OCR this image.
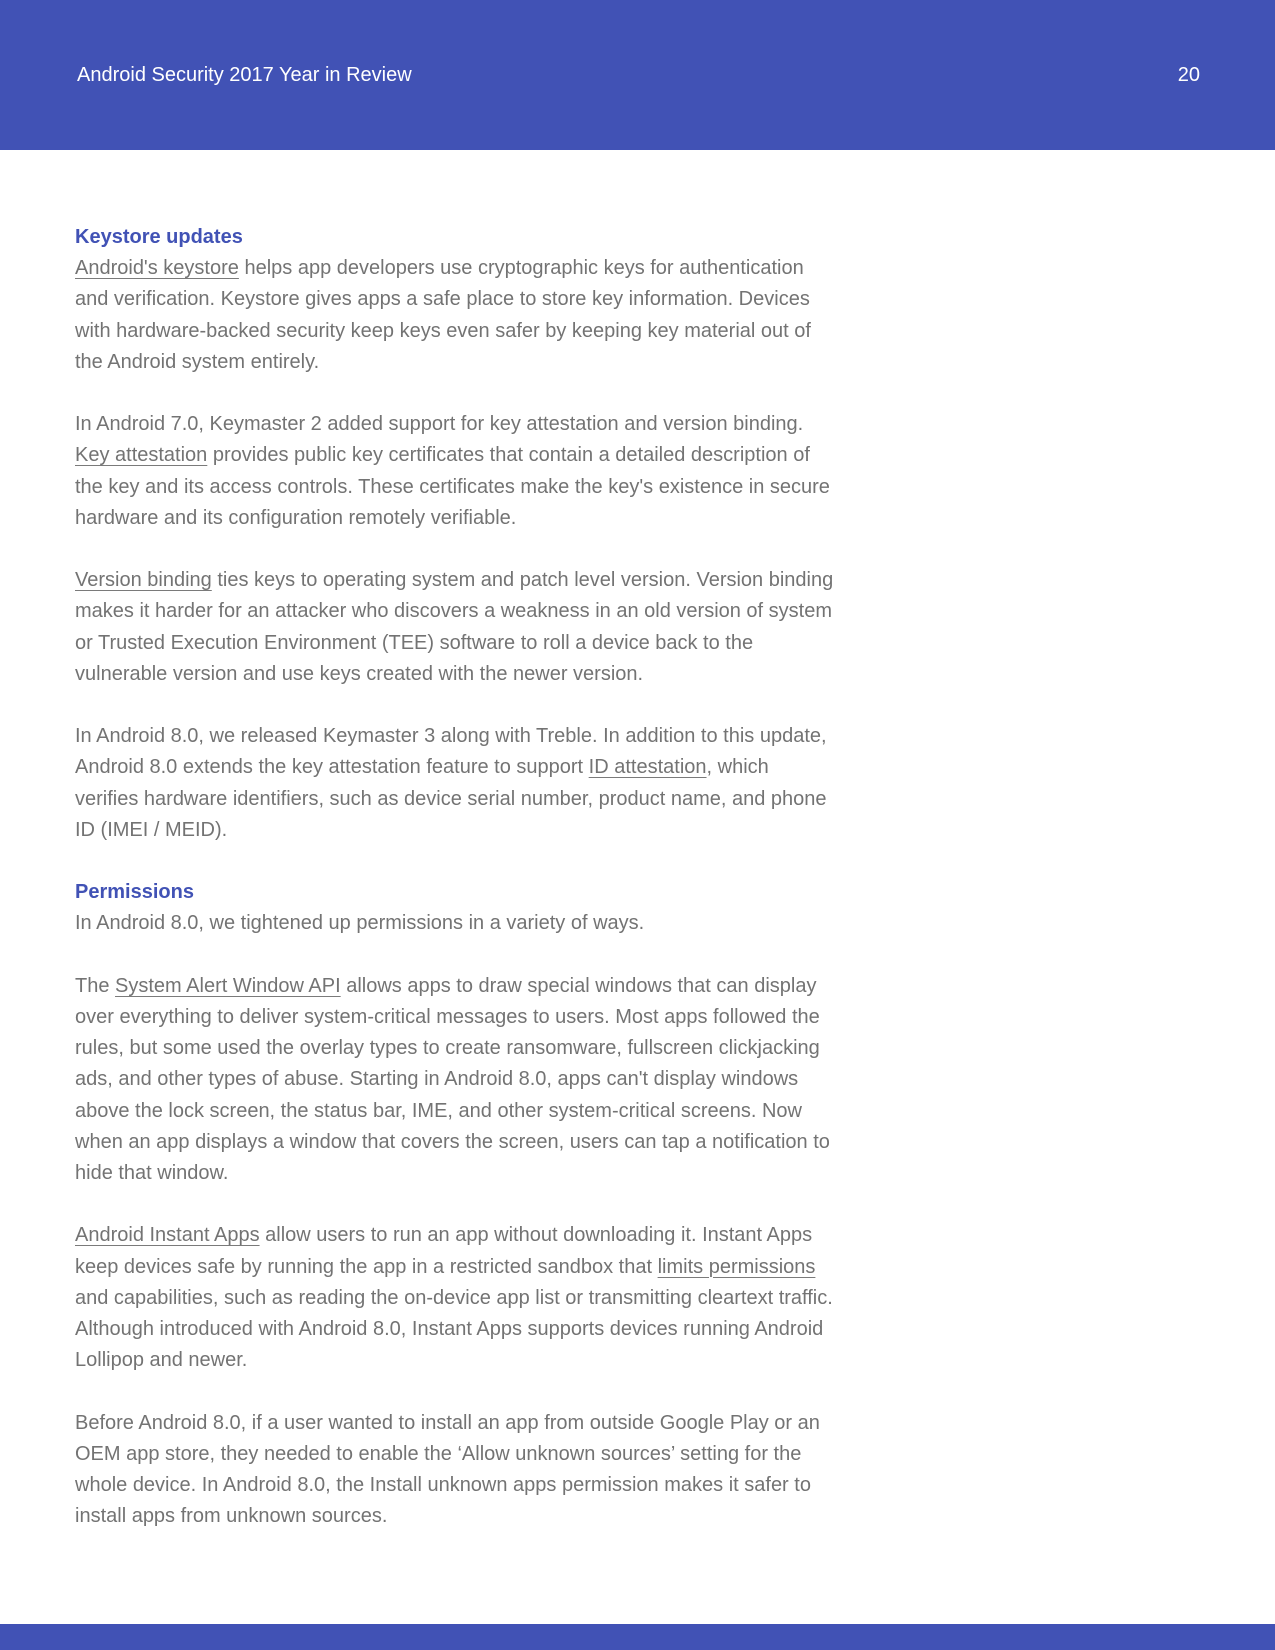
Android Security 2017 Year in Review	20
Keystore updates

Android's keystore helps app developers use cryptographic keys for authentication and verification. Keystore gives apps a safe place to store key information. Devices with hardware-backed security keep keys even safer by keeping key material out of the Android system entirely.

In Android 7.0, Keymaster 2 added support for key attestation and version binding. Key attestation provides public key certificates that contain a detailed description of the key and its access controls. These certificates make the key's existence in secure hardware and its configuration remotely verifiable.

Version binding ties keys to operating system and patch level version. Version binding makes it harder for an attacker who discovers a weakness in an old version of system or Trusted Execution Environment (TEE) software to roll a device back to the vulnerable version and use keys created with the newer version.

In Android 8.0, we released Keymaster 3 along with Treble. In addition to this update, Android 8.0 extends the key attestation feature to support ID attestation, which verifies hardware identifiers, such as device serial number, product name, and phone ID (IMEI / MEID).

Permissions

In Android 8.0, we tightened up permissions in a variety of ways.

The System Alert Window API allows apps to draw special windows that can display over everything to deliver system-critical messages to users. Most apps followed the rules, but some used the overlay types to create ransomware, fullscreen clickjacking ads, and other types of abuse. Starting in Android 8.0, apps can't display windows above the lock screen, the status bar, IME, and other system-critical screens. Now when an app displays a window that covers the screen, users can tap a notification to hide that window.

Android Instant Apps allow users to run an app without downloading it. Instant Apps keep devices safe by running the app in a restricted sandbox that limits permissions and capabilities, such as reading the on-device app list or transmitting cleartext traffic. Although introduced with Android 8.0, Instant Apps supports devices running Android Lollipop and newer.

Before Android 8.0, if a user wanted to install an app from outside Google Play or an OEM app store, they needed to enable the ‘Allow unknown sources’ setting for the whole device. In Android 8.0, the Install unknown apps permission makes it safer to install apps from unknown sources.
